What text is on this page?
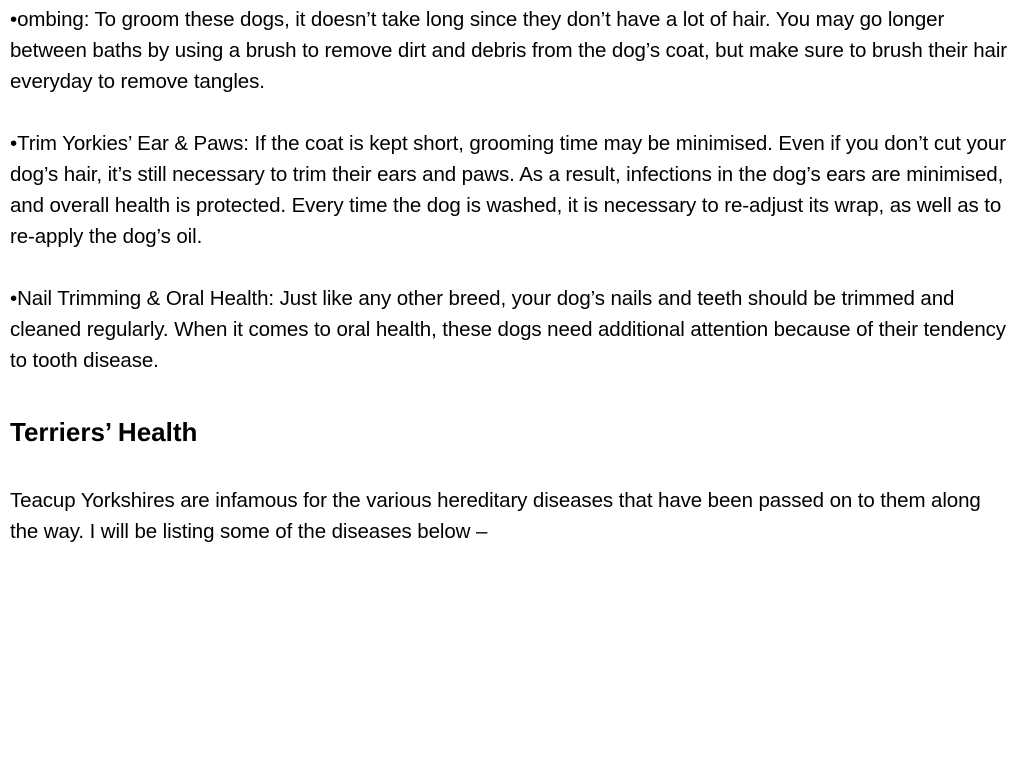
•ombing: To groom these dogs, it doesn’t take long since they don’t have a lot of hair. You may go longer between baths by using a brush to remove dirt and debris from the dog’s coat, but make sure to brush their hair everyday to remove tangles.

•Trim Yorkies’ Ear & Paws: If the coat is kept short, grooming time may be minimised. Even if you don’t cut your dog’s hair, it’s still necessary to trim their ears and paws. As a result, infections in the dog’s ears are minimised, and overall health is protected. Every time the dog is washed, it is necessary to re-adjust its wrap, as well as to re-apply the dog’s oil.

•Nail Trimming & Oral Health: Just like any other breed, your dog’s nails and teeth should be trimmed and cleaned regularly. When it comes to oral health, these dogs need additional attention because of their tendency to tooth disease.

Terriers’ Health

Teacup Yorkshires are infamous for the various hereditary diseases that have been passed on to them along the way. I will be listing some of the diseases below –
